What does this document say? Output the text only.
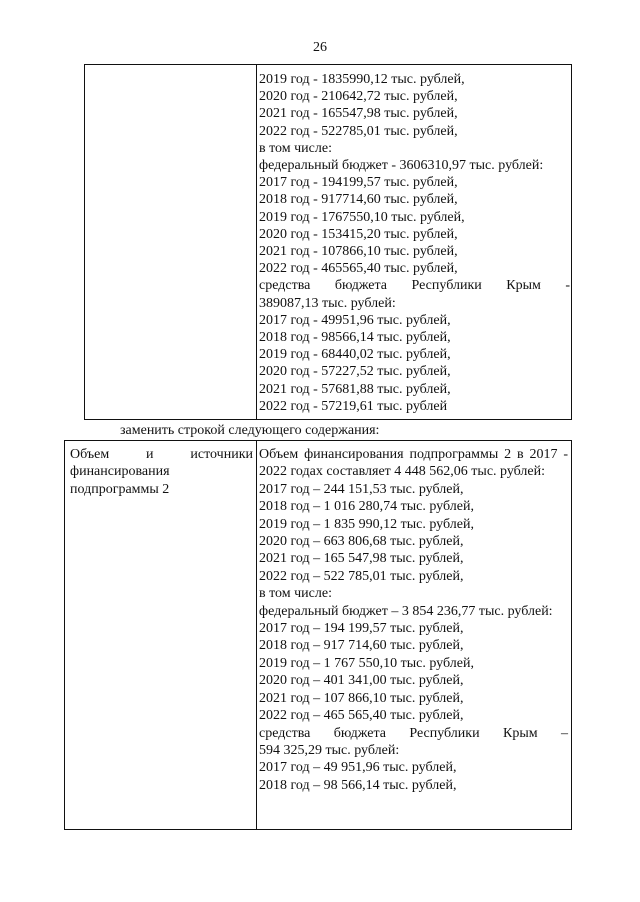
26
2019 год - 1835990,12 тыс. рублей,
2020 год - 210642,72 тыс. рублей,
2021 год - 165547,98 тыс. рублей,
2022 год - 522785,01 тыс. рублей,
в том числе:
федеральный бюджет - 3606310,97 тыс. рублей:
2017 год - 194199,57 тыс. рублей,
2018 год - 917714,60 тыс. рублей,
2019 год - 1767550,10 тыс. рублей,
2020 год - 153415,20 тыс. рублей,
2021 год - 107866,10 тыс. рублей,
2022 год - 465565,40 тыс. рублей,
средства бюджета Республики Крым -
389087,13 тыс. рублей:
2017 год - 49951,96 тыс. рублей,
2018 год - 98566,14 тыс. рублей,
2019 год - 68440,02 тыс. рублей,
2020 год - 57227,52 тыс. рублей,
2021 год - 57681,88 тыс. рублей,
2022 год - 57219,61 тыс. рублей
заменить строкой следующего содержания:
Объем и источники
финансирования
подпрограммы 2
Объем финансирования подпрограммы 2 в 2017 - 2022 годах составляет 4 448 562,06 тыс. рублей:
2017 год – 244 151,53 тыс. рублей,
2018 год – 1 016 280,74 тыс. рублей,
2019 год – 1 835 990,12 тыс. рублей,
2020 год – 663 806,68 тыс. рублей,
2021 год – 165 547,98 тыс. рублей,
2022 год – 522 785,01 тыс. рублей,
в том числе:
федеральный бюджет – 3 854 236,77 тыс. рублей:
2017 год – 194 199,57 тыс. рублей,
2018 год – 917 714,60 тыс. рублей,
2019 год – 1 767 550,10 тыс. рублей,
2020 год – 401 341,00 тыс. рублей,
2021 год – 107 866,10 тыс. рублей,
2022 год – 465 565,40 тыс. рублей,
средства бюджета Республики Крым –
594 325,29 тыс. рублей:
2017 год – 49 951,96 тыс. рублей,
2018 год – 98 566,14 тыс. рублей,
